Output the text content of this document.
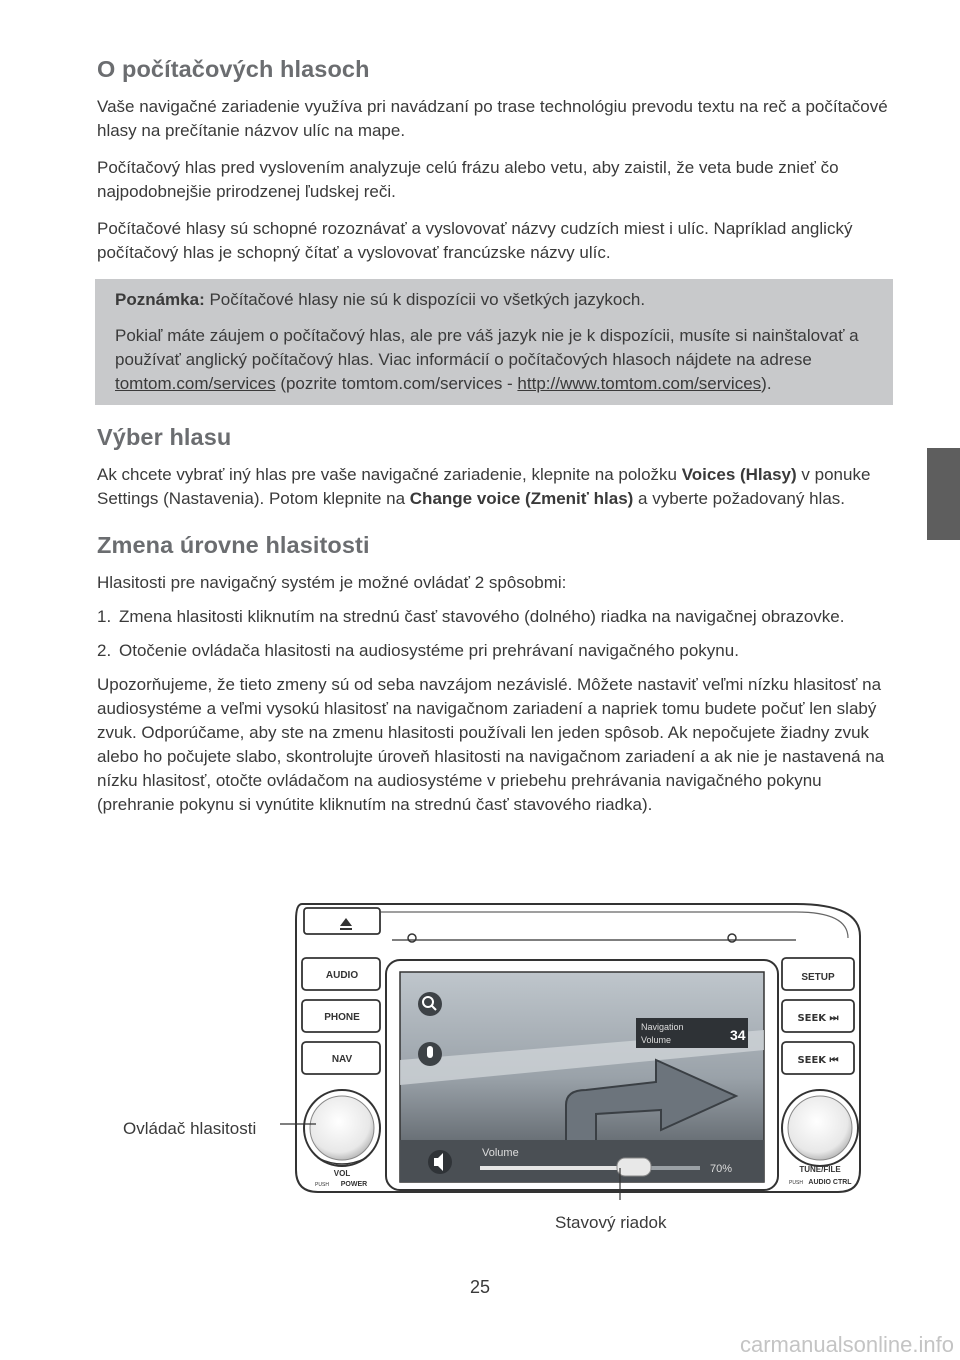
O počítačových hlasoch

Vaše navigačné zariadenie využíva pri navádzaní po trase technológiu prevodu textu na reč a počítačové hlasy na prečítanie názvov ulíc na mape.

Počítačový hlas pred vyslovením analyzuje celú frázu alebo vetu, aby zaistil, že veta bude znieť čo najpodobnejšie prirodzenej ľudskej reči.

Počítačové hlasy sú schopné rozoznávať a vyslovovať názvy cudzích miest i ulíc. Napríklad anglický počítačový hlas je schopný čítať a vyslovovať francúzske názvy ulíc.

Poznámka: Počítačové hlasy nie sú k dispozícii vo všetkých jazykoch.

Pokiaľ máte záujem o počítačový hlas, ale pre váš jazyk nie je k dispozícii, musíte si nainštalovať a používať anglický počítačový hlas. Viac informácií o počítačových hlasoch nájdete na adrese tomtom.com/services (pozrite tomtom.com/services - http://www.tomtom.com/services).

Výber hlasu

Ak chcete vybrať iný hlas pre vaše navigačné zariadenie, klepnite na položku Voices (Hlasy) v ponuke Settings (Nastavenia). Potom klepnite na Change voice (Zmeniť hlas) a vyberte požadovaný hlas.

Zmena úrovne hlasitosti

Hlasitosti pre navigačný systém je možné ovládať 2 spôsobmi:

1. Zmena hlasitosti kliknutím na strednú časť stavového (dolného) riadka na navigačnej obrazovke.
2. Otočenie ovládača hlasitosti na audiosystéme pri prehrávaní navigačného pokynu.

Upozorňujeme, že tieto zmeny sú od seba navzájom nezávislé. Môžete nastaviť veľmi nízku hlasitosť na audiosystéme a veľmi vysokú hlasitosť na navigačnom zariadení a napriek tomu budete počuť len slabý zvuk. Odporúčame, aby ste na zmenu hlasitosti používali len jeden spôsob. Ak nepočujete žiadny zvuk alebo ho počujete slabo, skontrolujte úroveň hlasitosti na navigačnom zariadení a ak nie je nastavená na nízku hlasitosť, otočte ovládačom na audiosystéme v priebehu prehrávania navigačného pokynu (prehranie pokynu si vynútite kliknutím na strednú časť stavového riadka).

Navigation
Volume	34
Volume
70%
AUDIO
PHONE
NAV
SETUP
SEEK ⏭
SEEK ⏮
VOL
PUSH POWER
TUNE/FILE
PUSH AUDIO CTRL
Ovládač hlasitosti
Stavový riadok
25
carmanualsonline.info
